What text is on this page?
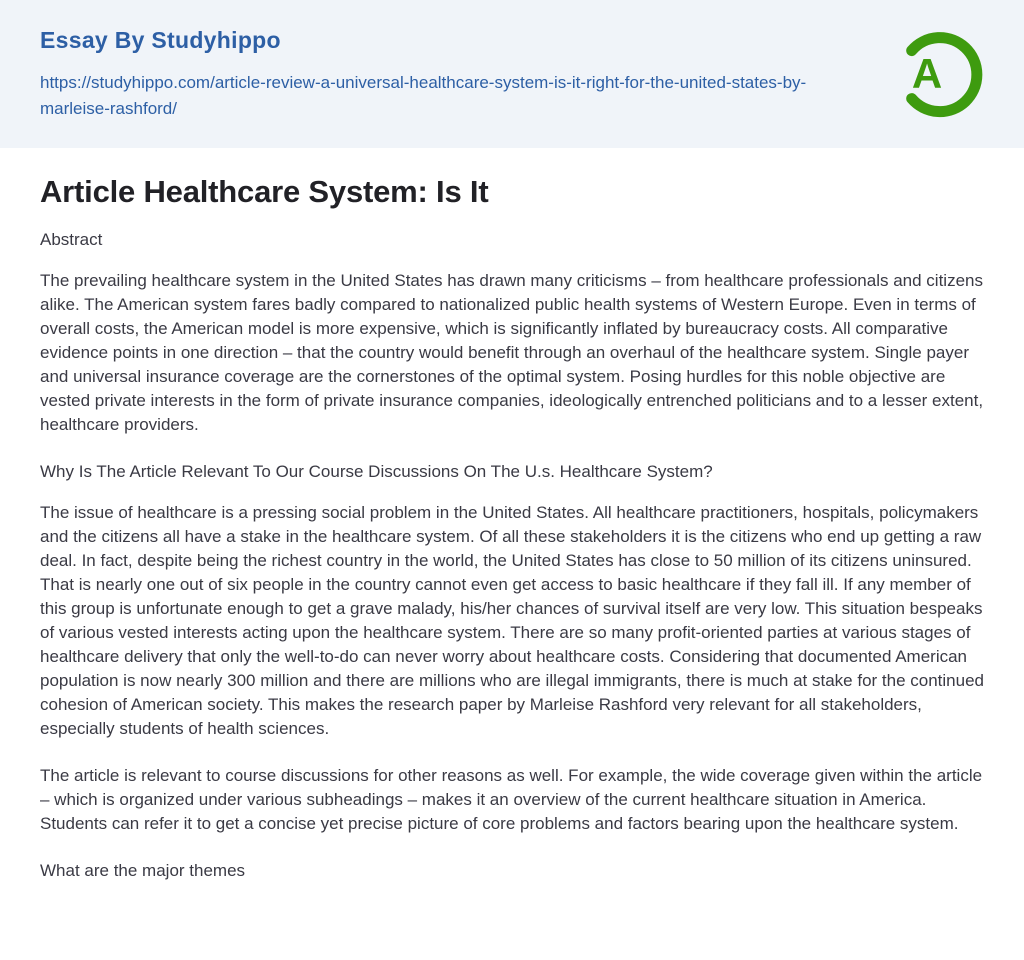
Essay By Studyhippo
https://studyhippo.com/article-review-a-universal-healthcare-system-is-it-right-for-the-united-states-by-marleise-rashford/
A
Article Healthcare System: Is It
Abstract

The prevailing healthcare system in the United States has drawn many criticisms – from healthcare professionals and citizens alike. The American system fares badly compared to nationalized public health systems of Western Europe. Even in terms of overall costs, the American model is more expensive, which is significantly inflated by bureaucracy costs. All comparative evidence points in one direction – that the country would benefit through an overhaul of the healthcare system. Single payer and universal insurance coverage are the cornerstones of the optimal system. Posing hurdles for this noble objective are vested private interests in the form of private insurance companies, ideologically entrenched politicians and to a lesser extent, healthcare providers.

Why Is The Article Relevant To Our Course Discussions On The U.s. Healthcare System?

The issue of healthcare is a pressing social problem in the United States. All healthcare practitioners, hospitals, policymakers and the citizens all have a stake in the healthcare system. Of all these stakeholders it is the citizens who end up getting a raw deal. In fact, despite being the richest country in the world, the United States has close to 50 million of its citizens uninsured. That is nearly one out of six people in the country cannot even get access to basic healthcare if they fall ill. If any member of this group is unfortunate enough to get a grave malady, his/her chances of survival itself are very low. This situation bespeaks of various vested interests acting upon the healthcare system. There are so many profit-oriented parties at various stages of healthcare delivery that only the well-to-do can never worry about healthcare costs. Considering that documented American population is now nearly 300 million and there are millions who are illegal immigrants, there is much at stake for the continued cohesion of American society. This makes the research paper by Marleise Rashford very relevant for all stakeholders, especially students of health sciences.

The article is relevant to course discussions for other reasons as well. For example, the wide coverage given within the article – which is organized under various subheadings – makes it an overview of the current healthcare situation in America. Students can refer it to get a concise yet precise picture of core problems and factors bearing upon the healthcare system.

What are the major themes
